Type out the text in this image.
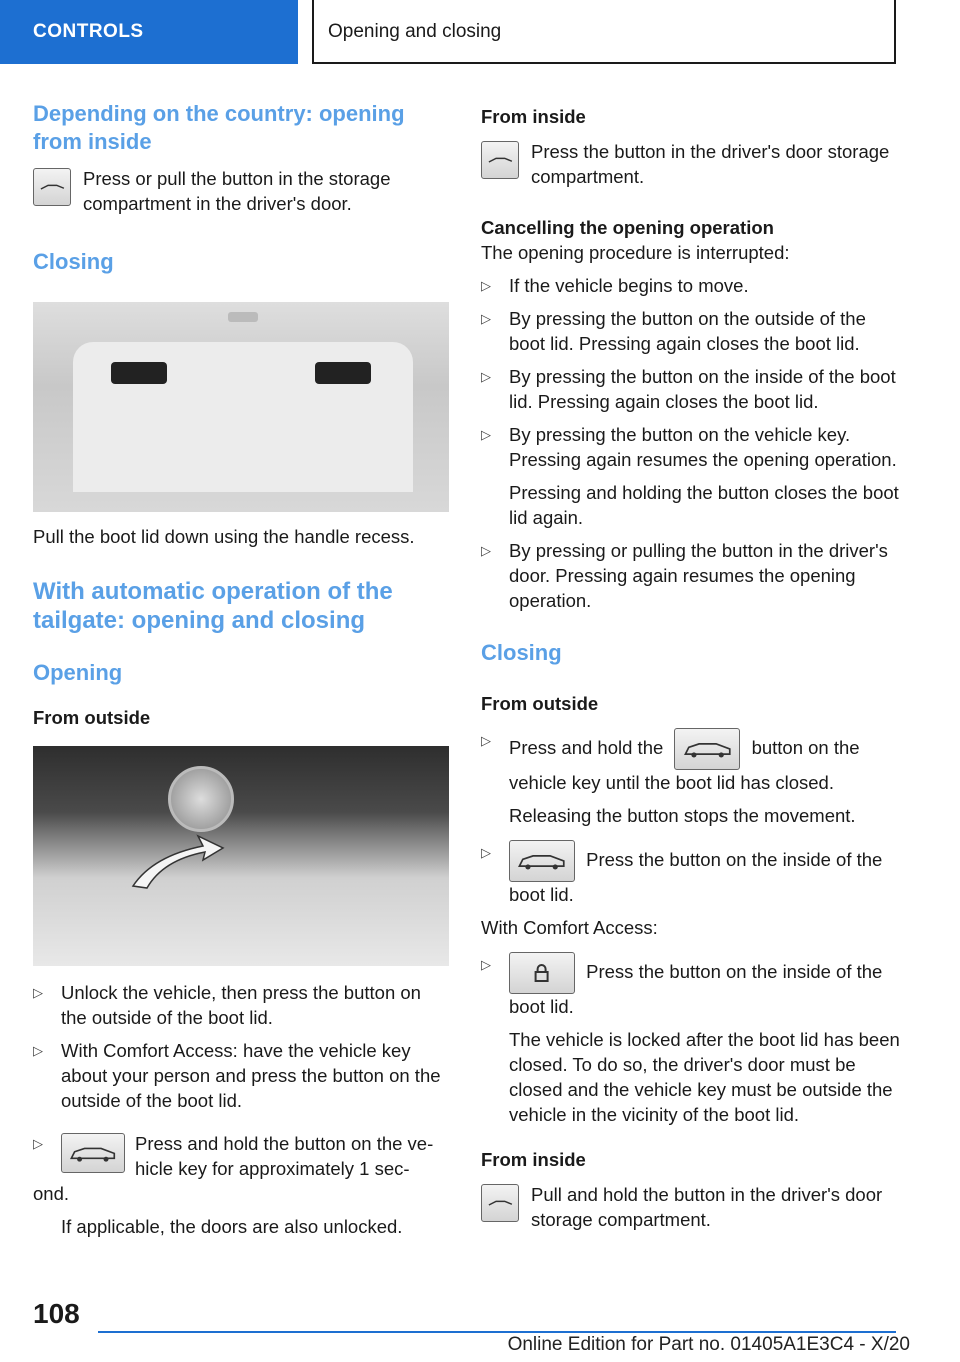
CONTROLS	Opening and closing
Depending on the country: opening from inside

Press or pull the button in the storage compartment in the driver's door.

Closing

Pull the boot lid down using the handle recess.

With automatic operation of the tailgate: opening and closing
Opening

From outside

▷ Unlock the vehicle, then press the button on the outside of the boot lid.
▷ With Comfort Access: have the vehicle key about your person and press the button on the outside of the boot lid.
▷	Press and hold the button on the ve-
hicle key for approximately 1 sec-
ond.

If applicable, the doors are also unlocked.

From inside

Press the button in the driver's door storage compartment.

Cancelling the opening operation

The opening procedure is interrupted:

▷ If the vehicle begins to move.
▷ By pressing the button on the outside of the boot lid. Pressing again closes the boot lid.
▷ By pressing the button on the inside of the boot lid. Pressing again closes the boot lid.
▷ By pressing the button on the vehicle key. Pressing again resumes the opening operation.

Pressing and holding the button closes the boot lid again.

▷ By pressing or pulling the button in the driver's door. Pressing again resumes the opening operation.
Closing

From outside

▷ Press and hold the	button on the vehicle key until the boot lid has closed.

Releasing the button stops the movement.

▷	Press the button on the inside of the boot lid.

With Comfort Access:

▷	Press the button on the inside of the boot lid.

The vehicle is locked after the boot lid has been closed. To do so, the driver's door must be closed and the vehicle key must be outside the vehicle in the vicinity of the boot lid.

From inside

Pull and hold the button in the driver's door storage compartment.

108
Online Edition for Part no. 01405A1E3C4 - X/20
